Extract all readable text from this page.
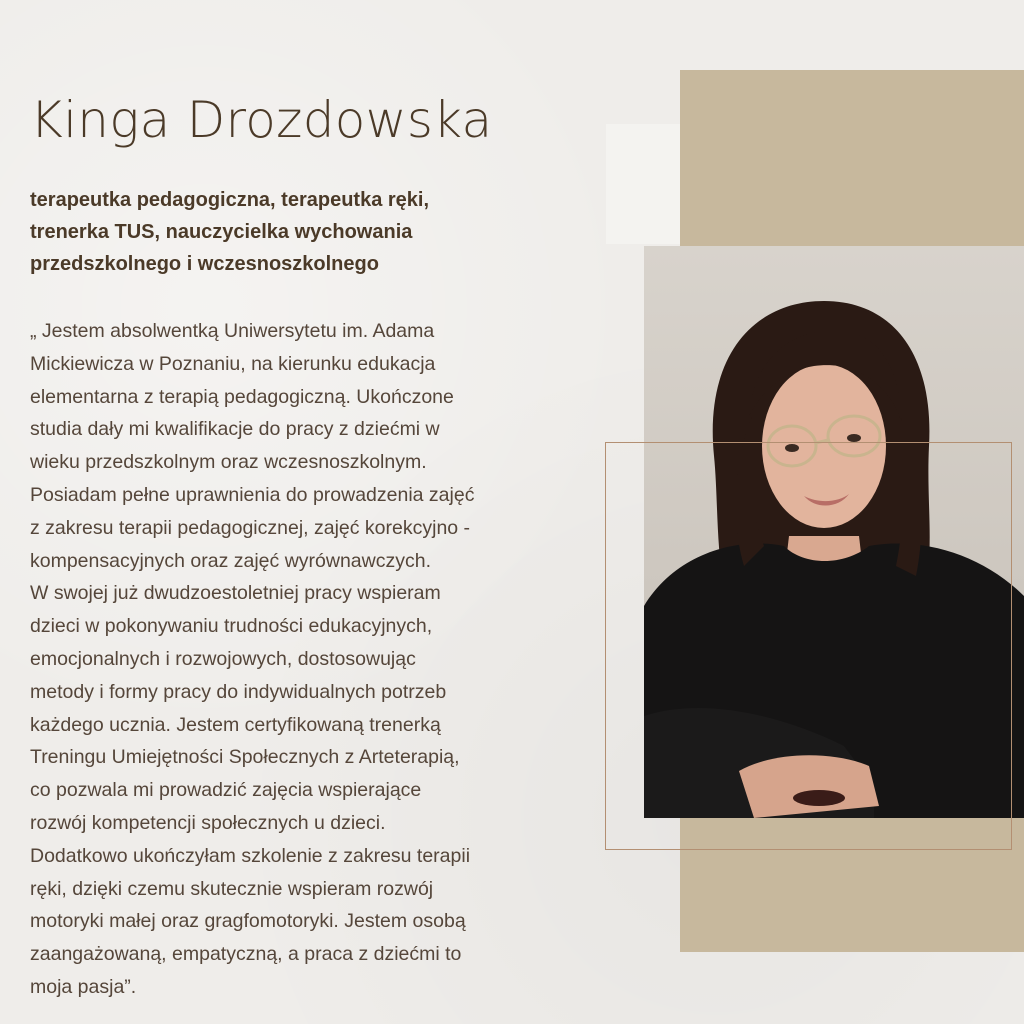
Kinga Drozdowska
terapeutka pedagogiczna, terapeutka ręki,
trenerka TUS, nauczycielka wychowania
przedszkolnego i wczesnoszkolnego
„ Jestem absolwentką Uniwersytetu im. Adama
Mickiewicza w Poznaniu, na kierunku edukacja
elementarna z terapią pedagogiczną. Ukończone
studia dały mi kwalifikacje do pracy z dziećmi w
wieku przedszkolnym oraz wczesnoszkolnym.
Posiadam pełne uprawnienia do prowadzenia zajęć
z zakresu terapii pedagogicznej, zajęć korekcyjno -
kompensacyjnych oraz zajęć wyrównawczych.
W swojej już dwudzoestoletniej pracy wspieram
dzieci w pokonywaniu trudności edukacyjnych,
emocjonalnych i rozwojowych, dostosowując
metody i formy pracy do indywidualnych potrzeb
każdego ucznia. Jestem certyfikowaną trenerką
Treningu Umiejętności Społecznych z Arteterapią,
co pozwala mi prowadzić zajęcia wspierające
rozwój kompetencji społecznych u dzieci.
Dodatkowo ukończyłam szkolenie z zakresu terapii
ręki, dzięki czemu skutecznie wspieram rozwój
motoryki małej oraz gragfomotoryki. Jestem osobą
zaangażowaną, empatyczną, a praca z dziećmi to
moja pasja”.
